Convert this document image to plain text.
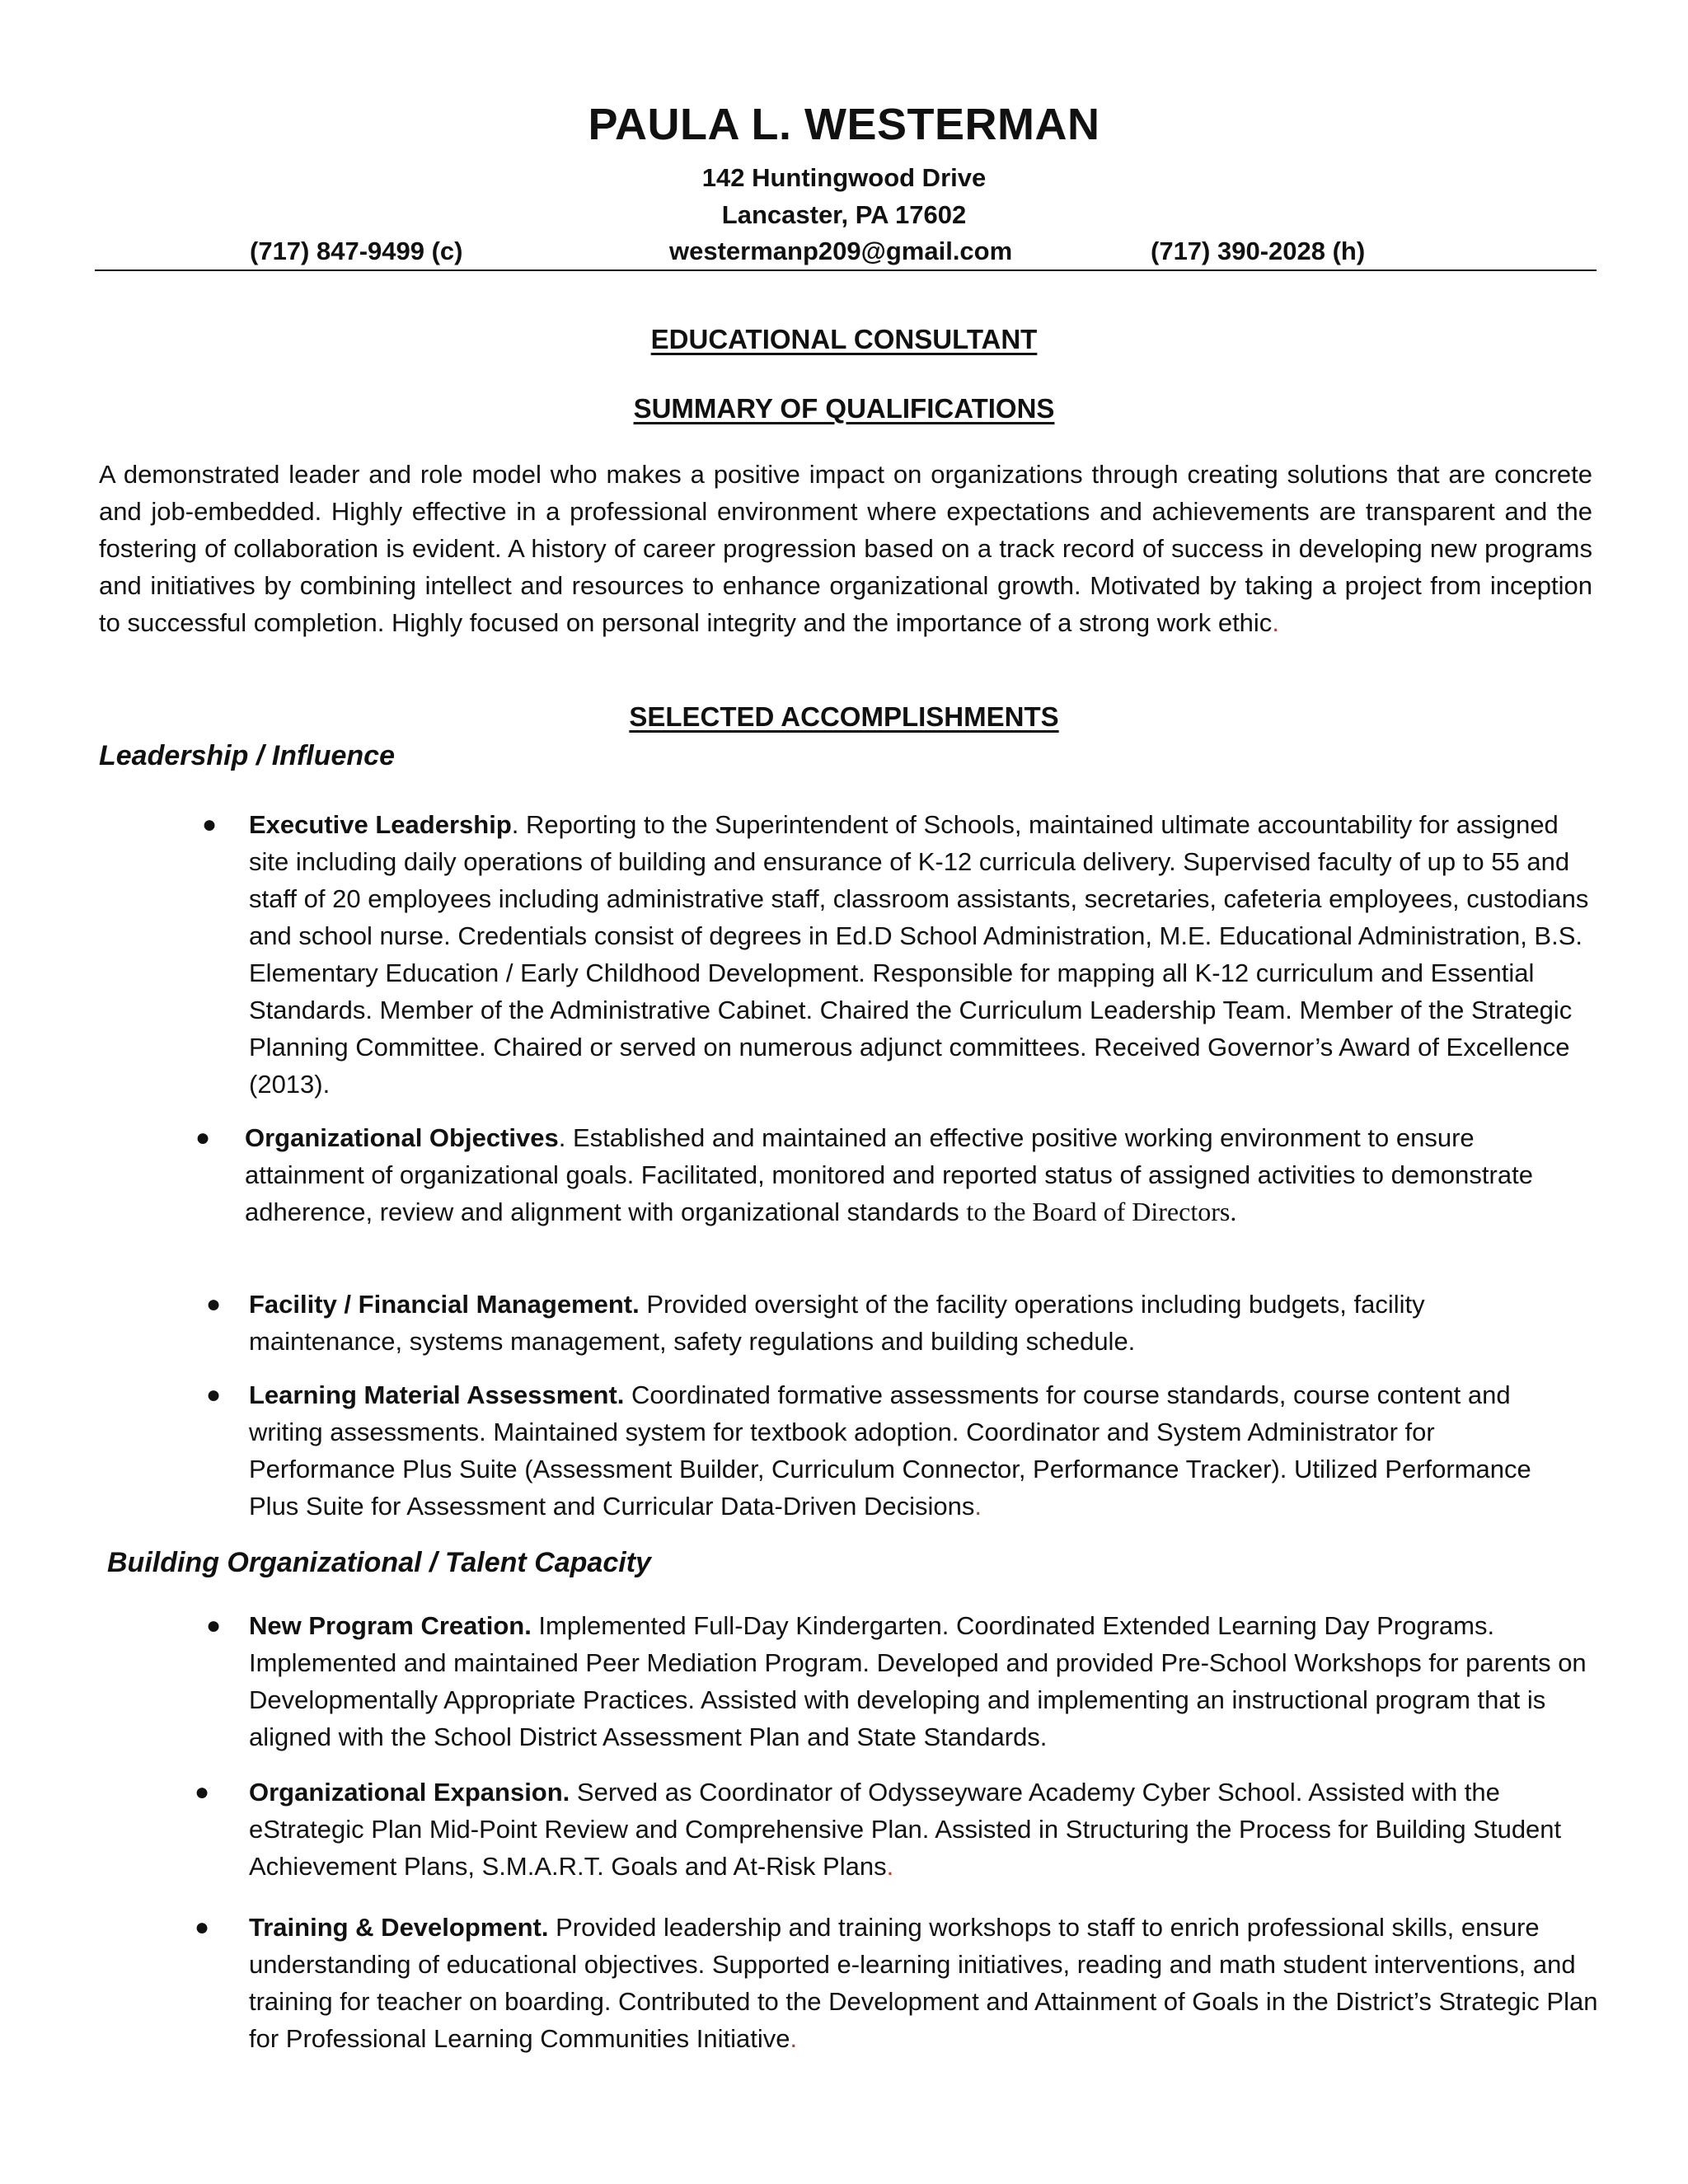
PAULA L. WESTERMAN
142 Huntingwood Drive
Lancaster, PA 17602
(717) 847-9499 (c)	westermanp209@gmail.com	(717) 390-2028 (h)
EDUCATIONAL CONSULTANT
SUMMARY OF QUALIFICATIONS
A demonstrated leader and role model who makes a positive impact on organizations through creating solutions that are concrete and job-embedded. Highly effective in a professional environment where expectations and achievements are transparent and the fostering of collaboration is evident. A history of career progression based on a track record of success in developing new programs and initiatives by combining intellect and resources to enhance organizational growth. Motivated by taking a project from inception to successful completion. Highly focused on personal integrity and the importance of a strong work ethic.
SELECTED ACCOMPLISHMENTS
Leadership / Influence
● Executive Leadership. Reporting to the Superintendent of Schools, maintained ultimate accountability for assigned site including daily operations of building and ensurance of K-12 curricula delivery. Supervised faculty of up to 55 and staff of 20 employees including administrative staff, classroom assistants, secretaries, cafeteria employees, custodians and school nurse. Credentials consist of degrees in Ed.D School Administration, M.E. Educational Administration, B.S. Elementary Education / Early Childhood Development. Responsible for mapping all K-12 curriculum and Essential Standards. Member of the Administrative Cabinet. Chaired the Curriculum Leadership Team. Member of the Strategic Planning Committee. Chaired or served on numerous adjunct committees. Received Governor’s Award of Excellence (2013).
● Organizational Objectives. Established and maintained an effective positive working environment to ensure attainment of organizational goals. Facilitated, monitored and reported status of assigned activities to demonstrate adherence, review and alignment with organizational standards to the Board of Directors.
● Facility / Financial Management. Provided oversight of the facility operations including budgets, facility maintenance, systems management, safety regulations and building schedule.
● Learning Material Assessment. Coordinated formative assessments for course standards, course content and writing assessments. Maintained system for textbook adoption. Coordinator and System Administrator for Performance Plus Suite (Assessment Builder, Curriculum Connector, Performance Tracker). Utilized Performance Plus Suite for Assessment and Curricular Data-Driven Decisions.
Building Organizational / Talent Capacity
● New Program Creation. Implemented Full-Day Kindergarten. Coordinated Extended Learning Day Programs. Implemented and maintained Peer Mediation Program. Developed and provided Pre-School Workshops for parents on Developmentally Appropriate Practices. Assisted with developing and implementing an instructional program that is aligned with the School District Assessment Plan and State Standards.
● Organizational Expansion. Served as Coordinator of Odysseyware Academy Cyber School. Assisted with the eStrategic Plan Mid-Point Review and Comprehensive Plan. Assisted in Structuring the Process for Building Student Achievement Plans, S.M.A.R.T. Goals and At-Risk Plans.
● Training & Development. Provided leadership and training workshops to staff to enrich professional skills, ensure understanding of educational objectives. Supported e-learning initiatives, reading and math student interventions, and training for teacher on boarding. Contributed to the Development and Attainment of Goals in the District’s Strategic Plan for Professional Learning Communities Initiative.
